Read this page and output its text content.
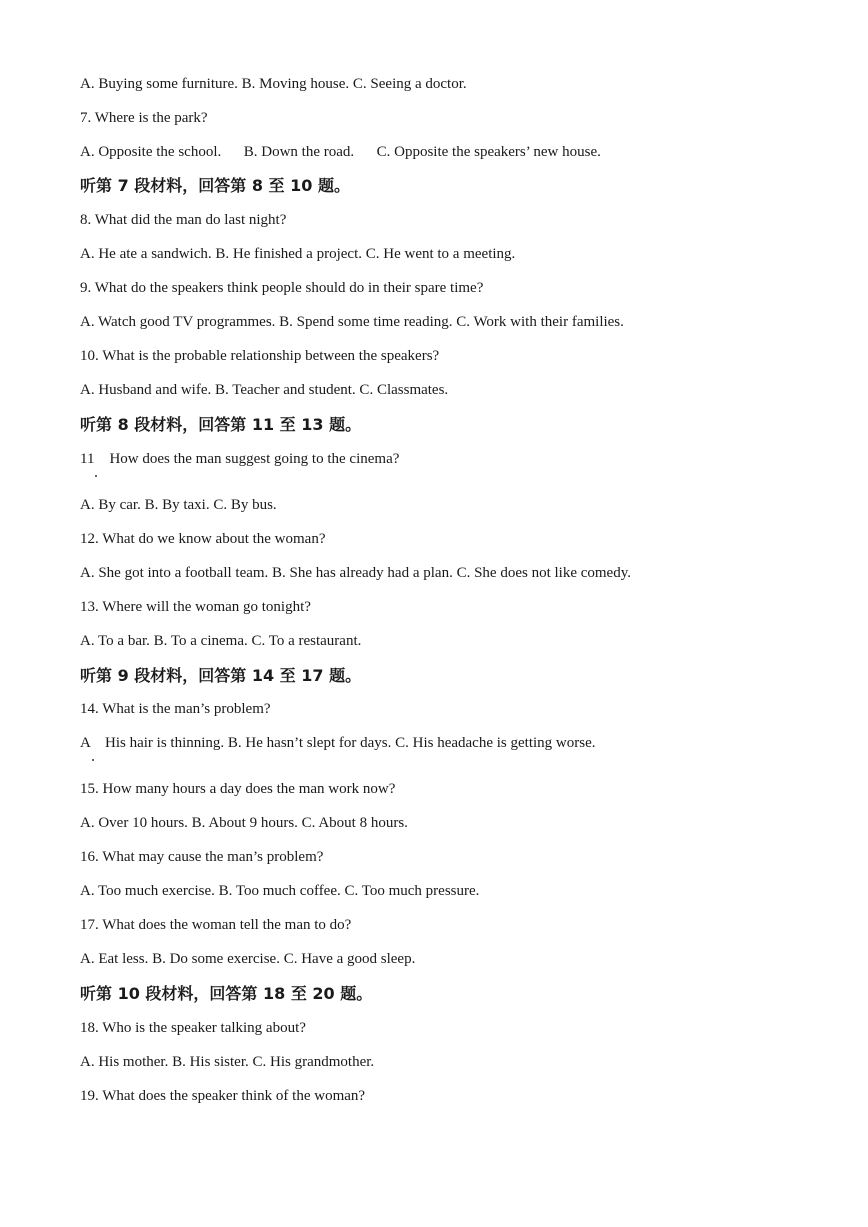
A. Buying some furniture. B. Moving house. C. Seeing a doctor.
7. Where is the park?
A. Opposite the school.      B. Down the road.      C. Opposite the speakers’ new house.
听第 7 段材料，回答第 8 至 10 题。
8. What did the man do last night?
A. He ate a sandwich. B. He finished a project. C. He went to a meeting.
9. What do the speakers think people should do in their spare time?
A. Watch good TV programmes. B. Spend some time reading. C. Work with their families.
10. What is the probable relationship between the speakers?
A. Husband and wife. B. Teacher and student. C. Classmates.
听第 8 段材料，回答第 11 至 13 题。
11    How does the man suggest going to the cinema?
A. By car. B. By taxi. C. By bus.
12. What do we know about the woman?
A. She got into a football team. B. She has already had a plan. C. She does not like comedy.
13. Where will the woman go tonight?
A. To a bar. B. To a cinema. C. To a restaurant.
听第 9 段材料，回答第 14 至 17 题。
14. What is the man’s problem?
A    His hair is thinning. B. He hasn’t slept for days. C. His headache is getting worse.
15. How many hours a day does the man work now?
A. Over 10 hours. B. About 9 hours. C. About 8 hours.
16. What may cause the man’s problem?
A. Too much exercise. B. Too much coffee. C. Too much pressure.
17. What does the woman tell the man to do?
A. Eat less. B. Do some exercise. C. Have a good sleep.
听第 10 段材料，回答第 18 至 20 题。
18. Who is the speaker talking about?
A. His mother. B. His sister. C. His grandmother.
19. What does the speaker think of the woman?
